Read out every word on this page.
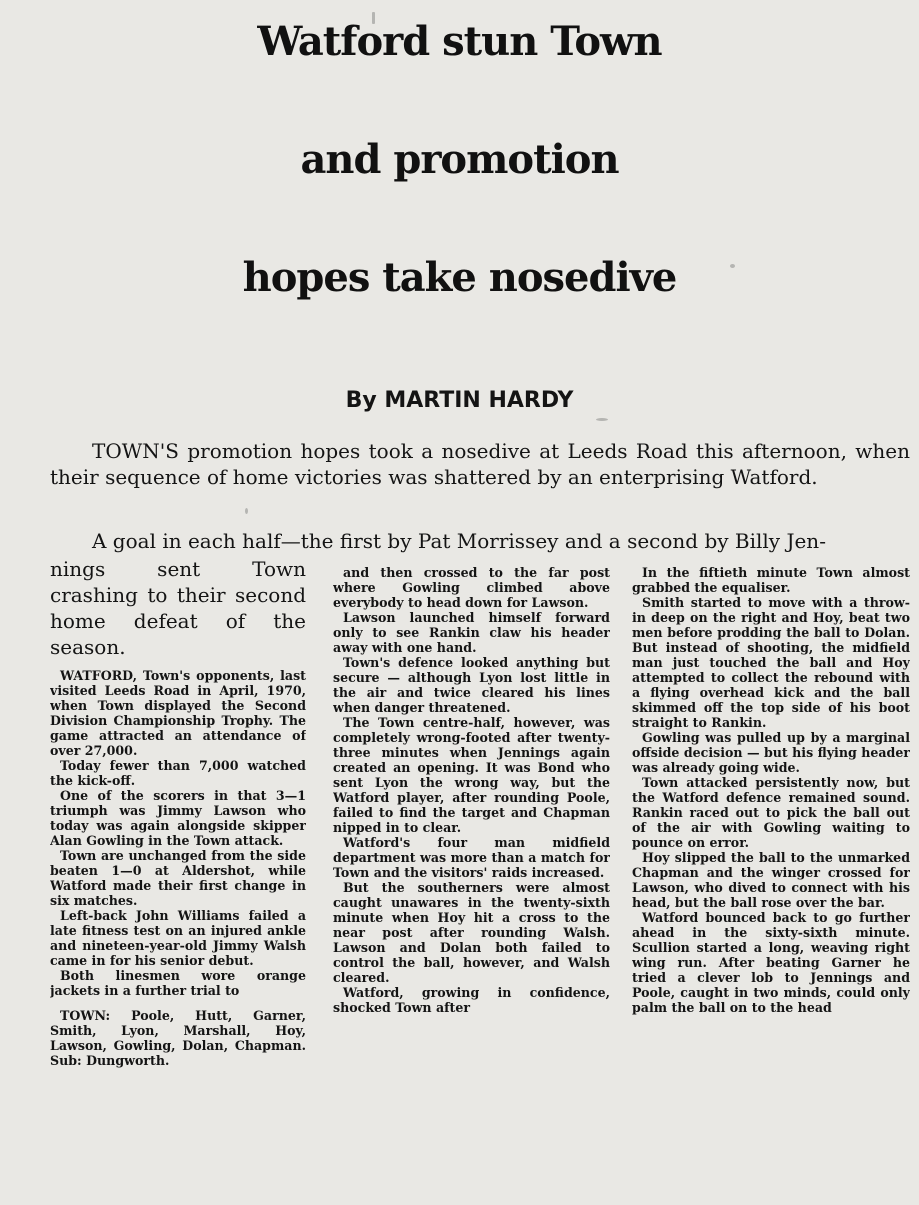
Watford stun Town
and promotion
hopes take nosedive
By MARTIN HARDY

TOWN'S promotion hopes took a nosedive at Leeds Road this afternoon, when their sequence of home victories was shattered by an enterprising Watford.

A goal in each half—the first by Pat Morrissey and a second by Billy Jen-

nings sent Town crashing to their second home defeat of the season.

WATFORD, Town's opponents, last visited Leeds Road in April, 1970, when Town displayed the Second Division Championship Trophy. The game attracted an attendance of over 27,000.

Today fewer than 7,000 watched the kick-off.

One of the scorers in that 3—1 triumph was Jimmy Lawson who today was again alongside skipper Alan Gowling in the Town attack.

Town are unchanged from the side beaten 1—0 at Aldershot, while Watford made their first change in six matches.

Left-back John Williams failed a late fitness test on an injured ankle and nineteen-year-old Jimmy Walsh came in for his senior debut.

Both linesmen wore orange jackets in a further trial to

TOWN: Poole, Hutt, Garner, Smith, Lyon, Marshall, Hoy, Lawson, Gowling, Dolan, Chapman. Sub: Dungworth.

and then crossed to the far post where Gowling climbed above everybody to head down for Lawson.

Lawson launched himself forward only to see Rankin claw his header away with one hand.

Town's defence looked anything but secure — although Lyon lost little in the air and twice cleared his lines when danger threatened.

The Town centre-half, however, was completely wrong-footed after twenty-three minutes when Jennings again created an opening. It was Bond who sent Lyon the wrong way, but the Watford player, after rounding Poole, failed to find the target and Chapman nipped in to clear.

Watford's four man midfield department was more than a match for Town and the visitors' raids increased.

But the southerners were almost caught unawares in the twenty-sixth minute when Hoy hit a cross to the near post after rounding Walsh. Lawson and Dolan both failed to control the ball, however, and Walsh cleared.

Watford, growing in confidence, shocked Town after

In the fiftieth minute Town almost grabbed the equaliser.

Smith started to move with a throw-in deep on the right and Hoy, beat two men before prodding the ball to Dolan. But instead of shooting, the midfield man just touched the ball and Hoy attempted to collect the rebound with a flying overhead kick and the ball skimmed off the top side of his boot straight to Rankin.

Gowling was pulled up by a marginal offside decision — but his flying header was already going wide.

Town attacked persistently now, but the Watford defence remained sound. Rankin raced out to pick the ball out of the air with Gowling waiting to pounce on error.

Hoy slipped the ball to the unmarked Chapman and the winger crossed for Lawson, who dived to connect with his head, but the ball rose over the bar.

Watford bounced back to go further ahead in the sixty-sixth minute. Scullion started a long, weaving right wing run. After beating Garner he tried a clever lob to Jennings and Poole, caught in two minds, could only palm the ball on to the head
